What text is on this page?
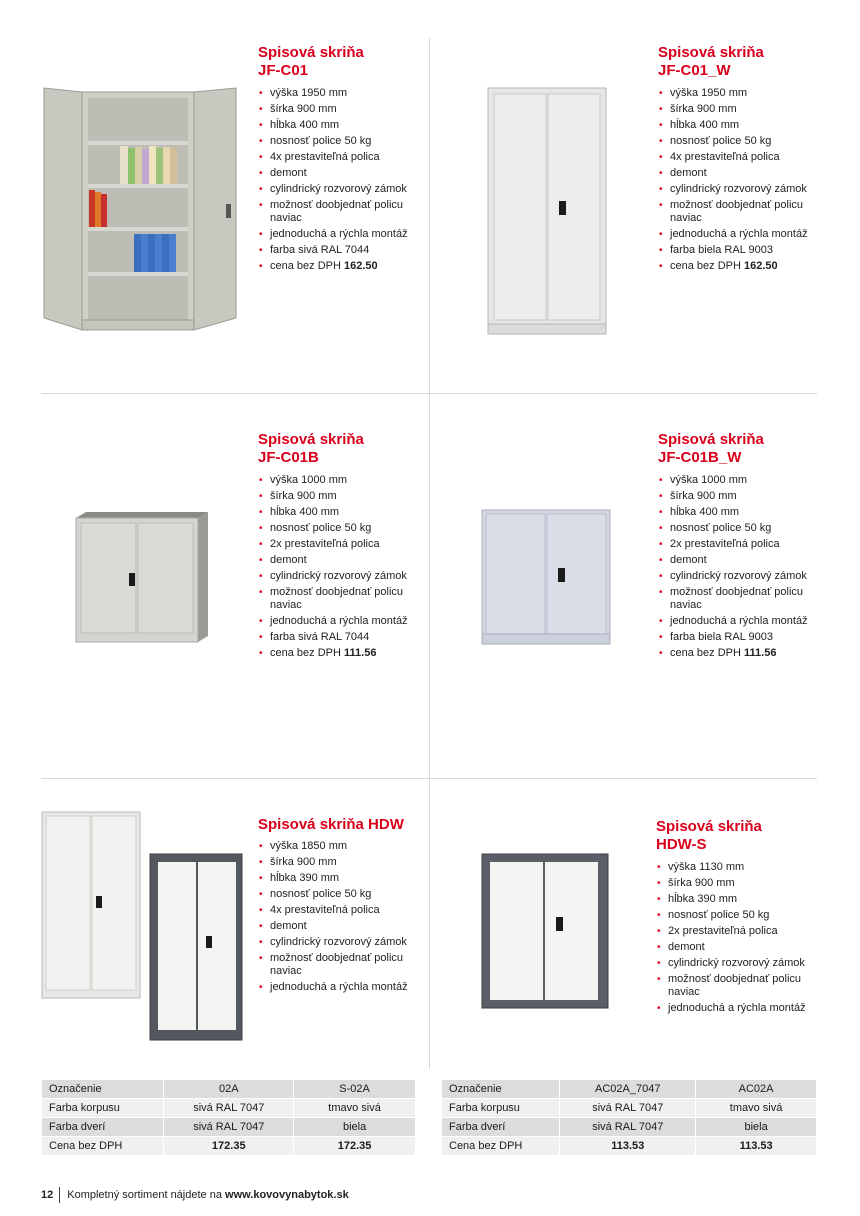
Spisová skriňa
JF-C01
• výška 1950 mm
• šírka 900 mm
• hĺbka 400 mm
• nosnosť police 50 kg
• 4x prestaviteľná polica
• demont
• cylindrický rozvorový zámok
• možnosť doobjednať policu naviac
• jednoduchá a rýchla montáž
• farba sivá RAL 7044
• cena bez DPH 162.50
Spisová skriňa
JF-C01_W
• výška 1950 mm
• šírka 900 mm
• hĺbka 400 mm
• nosnosť police 50 kg
• 4x prestaviteľná polica
• demont
• cylindrický rozvorový zámok
• možnosť doobjednať policu naviac
• jednoduchá a rýchla montáž
• farba biela RAL 9003
• cena bez DPH 162.50
Spisová skriňa
JF-C01B
• výška 1000 mm
• šírka 900 mm
• hĺbka 400 mm
• nosnosť police 50 kg
• 2x prestaviteľná polica
• demont
• cylindrický rozvorový zámok
• možnosť doobjednať policu naviac
• jednoduchá a rýchla montáž
• farba sivá RAL 7044
• cena bez DPH 111.56
Spisová skriňa
JF-C01B_W
• výška 1000 mm
• šírka 900 mm
• hĺbka 400 mm
• nosnosť police 50 kg
• 2x prestaviteľná polica
• demont
• cylindrický rozvorový zámok
• možnosť doobjednať policu naviac
• jednoduchá a rýchla montáž
• farba biela RAL 9003
• cena bez DPH 111.56
Spisová skriňa HDW
• výška 1850 mm
• šírka 900 mm
• hĺbka 390 mm
• nosnosť police 50 kg
• 4x prestaviteľná polica
• demont
• cylindrický rozvorový zámok
• možnosť doobjednať policu naviac
• jednoduchá a rýchla montáž
Spisová skriňa
HDW-S
• výška 1130 mm
• šírka 900 mm
• hĺbka 390 mm
• nosnosť police 50 kg
• 2x prestaviteľná polica
• demont
• cylindrický rozvorový zámok
• možnosť doobjednať policu naviac
• jednoduchá a rýchla montáž
Označenie	02A	S-02A
Farba korpusu	sivá RAL 7047	tmavo sivá
Farba dverí	sivá RAL 7047	biela
Cena bez DPH	172.35	172.35
Označenie	AC02A_7047	AC02A
Farba korpusu	sivá RAL 7047	tmavo sivá
Farba dverí	sivá RAL 7047	biela
Cena bez DPH	113.53	113.53
12 Kompletný sortiment nájdete na www.kovovynabytok.sk
